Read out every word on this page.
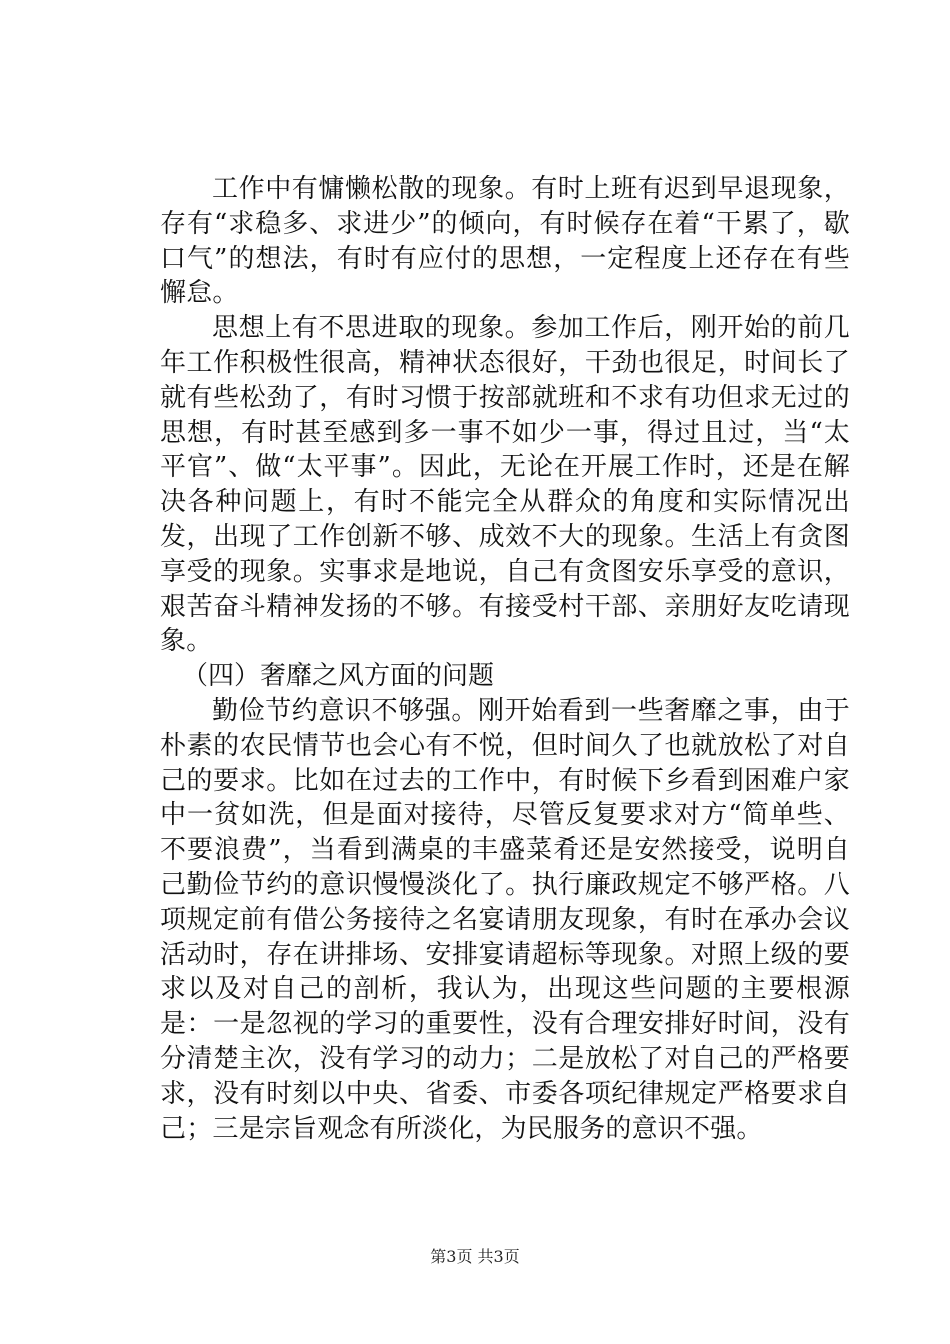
工作中有慵懒松散的现象。有时上班有迟到早退现象，存有“求稳多、求进少”的倾向，有时候存在着“干累了，歇口气”的想法，有时有应付的思想，一定程度上还存在有些懈怠。

思想上有不思进取的现象。参加工作后，刚开始的前几年工作积极性很高，精神状态很好，干劲也很足，时间长了就有些松劲了，有时习惯于按部就班和不求有功但求无过的思想，有时甚至感到多一事不如少一事，得过且过，当“太平官”、做“太平事”。因此，无论在开展工作时，还是在解决各种问题上，有时不能完全从群众的角度和实际情况出发，出现了工作创新不够、成效不大的现象。生活上有贪图享受的现象。实事求是地说，自己有贪图安乐享受的意识，艰苦奋斗精神发扬的不够。有接受村干部、亲朋好友吃请现象。

（四）奢靡之风方面的问题

勤俭节约意识不够强。刚开始看到一些奢靡之事，由于朴素的农民情节也会心有不悦，但时间久了也就放松了对自己的要求。比如在过去的工作中，有时候下乡看到困难户家中一贫如洗，但是面对接待，尽管反复要求对方“简单些、不要浪费”，当看到满桌的丰盛菜肴还是安然接受，说明自己勤俭节约的意识慢慢淡化了。执行廉政规定不够严格。八项规定前有借公务接待之名宴请朋友现象，有时在承办会议活动时，存在讲排场、安排宴请超标等现象。对照上级的要求以及对自己的剖析，我认为，出现这些问题的主要根源是：一是忽视的学习的重要性，没有合理安排好时间，没有分清楚主次，没有学习的动力；二是放松了对自己的严格要求，没有时刻以中央、省委、市委各项纪律规定严格要求自己；三是宗旨观念有所淡化，为民服务的意识不强。

第3页 共3页
